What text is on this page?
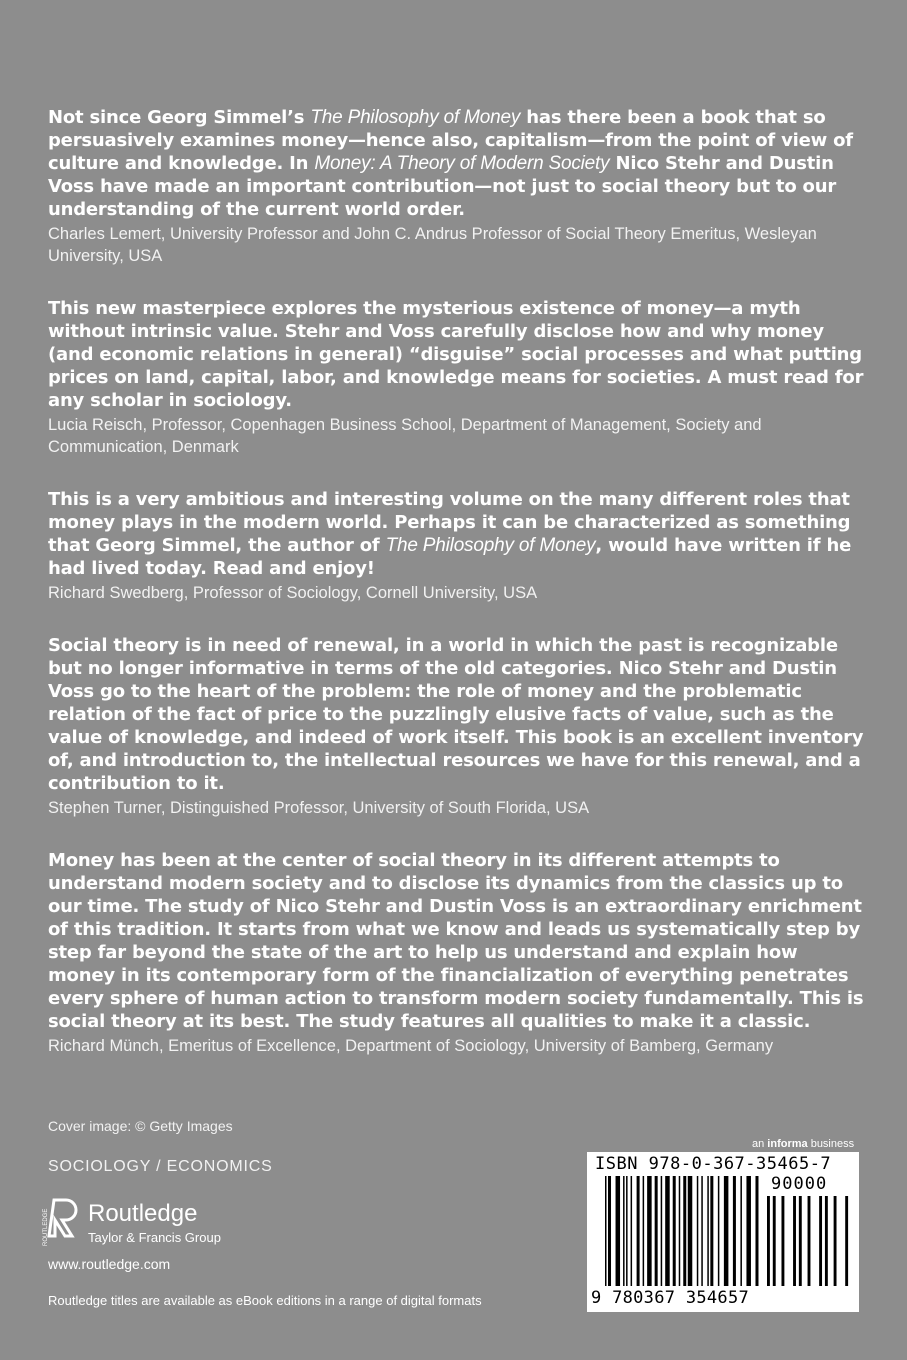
Not since Georg Simmel’s The Philosophy of Money has there been a book that so persuasively examines money—hence also, capitalism—from the point of view of culture and knowledge. In Money: A Theory of Modern Society Nico Stehr and Dustin Voss have made an important contribution—not just to social theory but to our understanding of the current world order.

Charles Lemert, University Professor and John C. Andrus Professor of Social Theory Emeritus, Wesleyan University, USA

This new masterpiece explores the mysterious existence of money—a myth without intrinsic value. Stehr and Voss carefully disclose how and why money (and economic relations in general) “disguise” social processes and what putting prices on land, capital, labor, and knowledge means for societies. A must read for any scholar in sociology.

Lucia Reisch, Professor, Copenhagen Business School, Department of Management, Society and Communication, Denmark

This is a very ambitious and interesting volume on the many different roles that money plays in the modern world. Perhaps it can be characterized as something that Georg Simmel, the author of The Philosophy of Money, would have written if he had lived today. Read and enjoy!

Richard Swedberg, Professor of Sociology, Cornell University, USA

Social theory is in need of renewal, in a world in which the past is recognizable but no longer informative in terms of the old categories. Nico Stehr and Dustin Voss go to the heart of the problem: the role of money and the problematic relation of the fact of price to the puzzlingly elusive facts of value, such as the value of knowledge, and indeed of work itself. This book is an excellent inventory of, and introduction to, the intellectual resources we have for this renewal, and a contribution to it.

Stephen Turner, Distinguished Professor, University of South Florida, USA

Money has been at the center of social theory in its different attempts to understand modern society and to disclose its dynamics from the classics up to our time. The study of Nico Stehr and Dustin Voss is an extraordinary enrichment of this tradition. It starts from what we know and leads us systematically step by step far beyond the state of the art to help us understand and explain how money in its contemporary form of the financialization of everything penetrates every sphere of human action to transform modern society fundamentally. This is social theory at its best. The study features all qualities to make it a classic.

Richard Münch, Emeritus of Excellence, Department of Sociology, University of Bamberg, Germany

Cover image: © Getty Images
SOCIOLOGY / ECONOMICS
ROUTLEDGE Routledge
Taylor & Francis Group
www.routledge.com
Routledge titles are available as eBook editions in a range of digital formats
an informa business
ISBN 978-0-367-35465-7
90000
9 780367 354657
